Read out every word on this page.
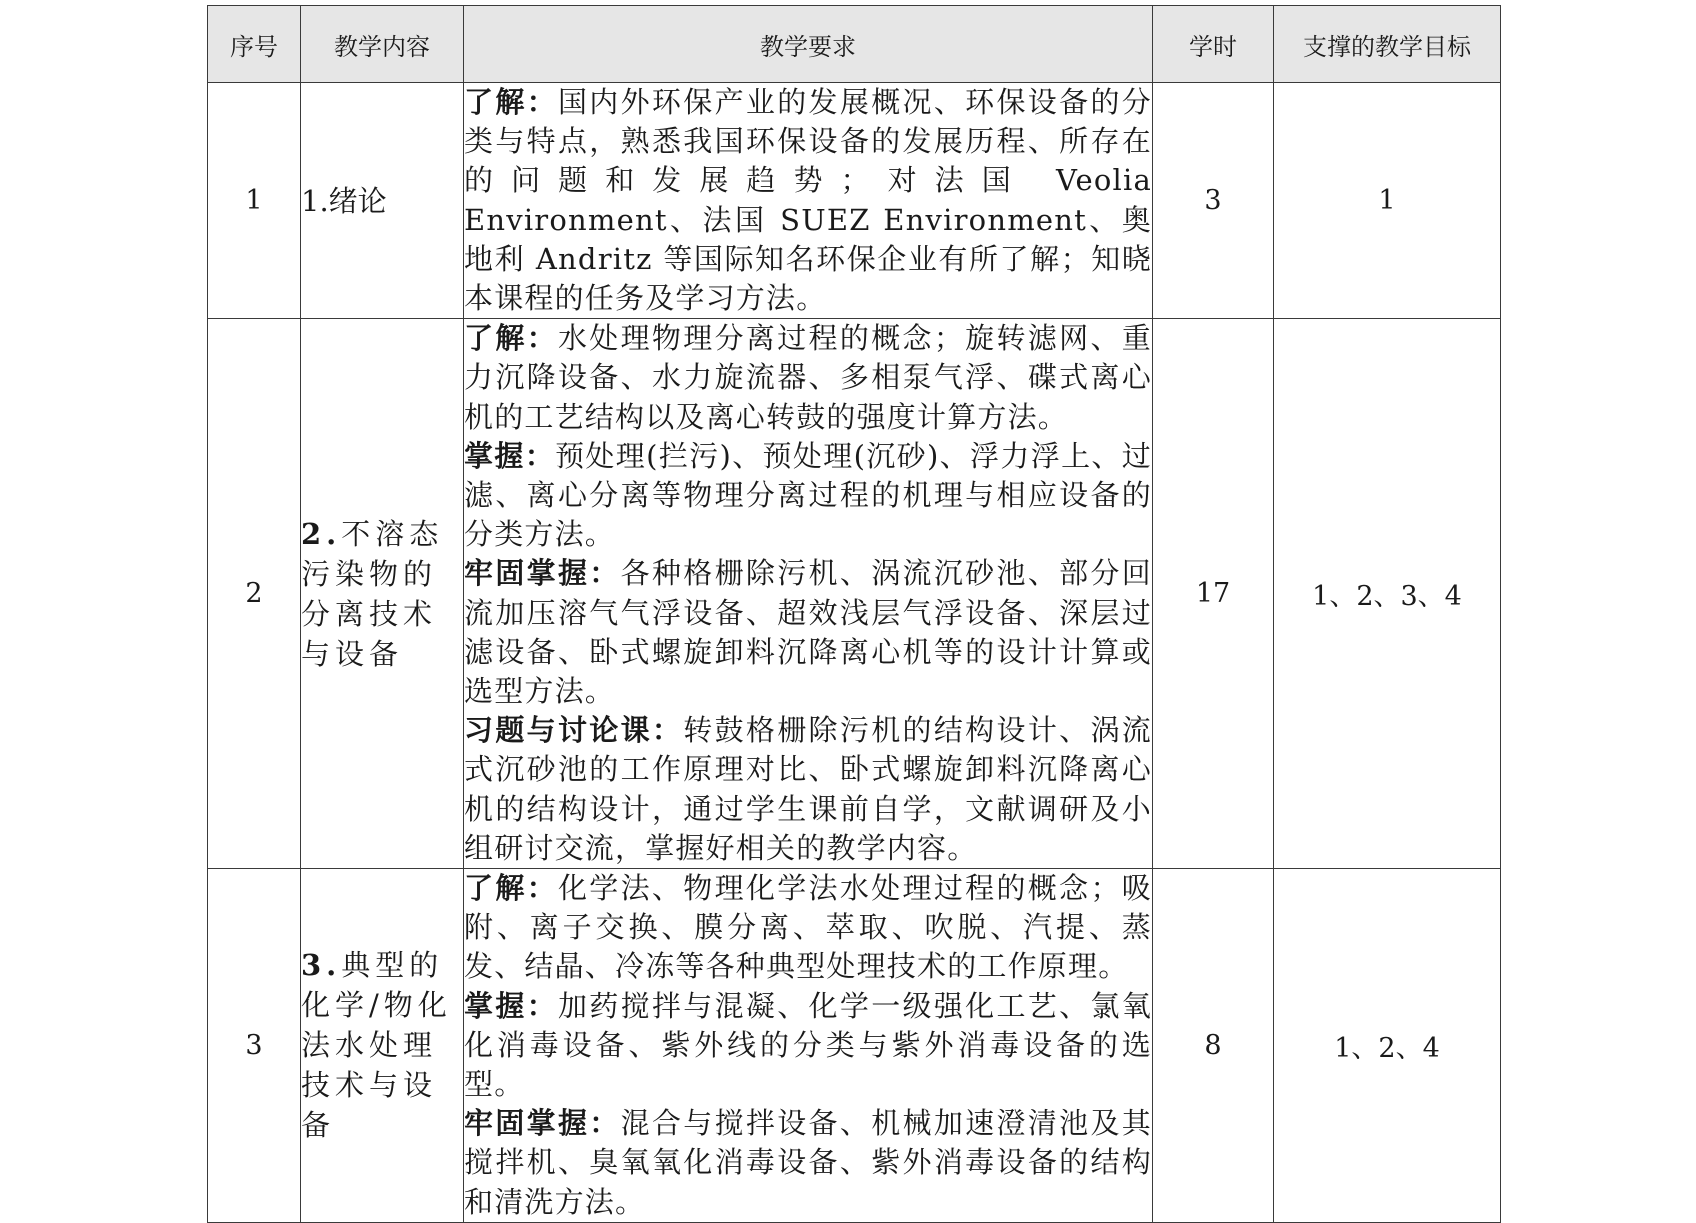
序号	教学内容	教学要求	学时	支撑的教学目标
1	1.绪论	了解：国内外环保产业的发展概况、环保设备的分类与特点，熟悉我国环保设备的发展历程、所存在的问题和发展趋势；对法国 Veolia Environment、法国 SUEZ Environment、奥地利 Andritz 等国际知名环保企业有所了解；知晓本课程的任务及学习方法。	3	1
2	2.不溶态污染物的分离技术与设备	了解：水处理物理分离过程的概念；旋转滤网、重力沉降设备、水力旋流器、多相泵气浮、碟式离心机的工艺结构以及离心转鼓的强度计算方法。

掌握：预处理(拦污)、预处理(沉砂)、浮力浮上、过滤、离心分离等物理分离过程的机理与相应设备的分类方法。

牢固掌握：各种格栅除污机、涡流沉砂池、部分回流加压溶气气浮设备、超效浅层气浮设备、深层过滤设备、卧式螺旋卸料沉降离心机等的设计计算或选型方法。

习题与讨论课：转鼓格栅除污机的结构设计、涡流式沉砂池的工作原理对比、卧式螺旋卸料沉降离心机的结构设计，通过学生课前自学，文献调研及小组研讨交流，掌握好相关的教学内容。	17	1、2、3、4
3	3.典型的化学/物化法水处理技术与设备	了解：化学法、物理化学法水处理过程的概念；吸附、离子交换、膜分离、萃取、吹脱、汽提、蒸发、结晶、冷冻等各种典型处理技术的工作原理。

掌握：加药搅拌与混凝、化学一级强化工艺、氯氧化消毒设备、紫外线的分类与紫外消毒设备的选型。

牢固掌握：混合与搅拌设备、机械加速澄清池及其搅拌机、臭氧氧化消毒设备、紫外消毒设备的结构和清洗方法。	8	1、2、4
